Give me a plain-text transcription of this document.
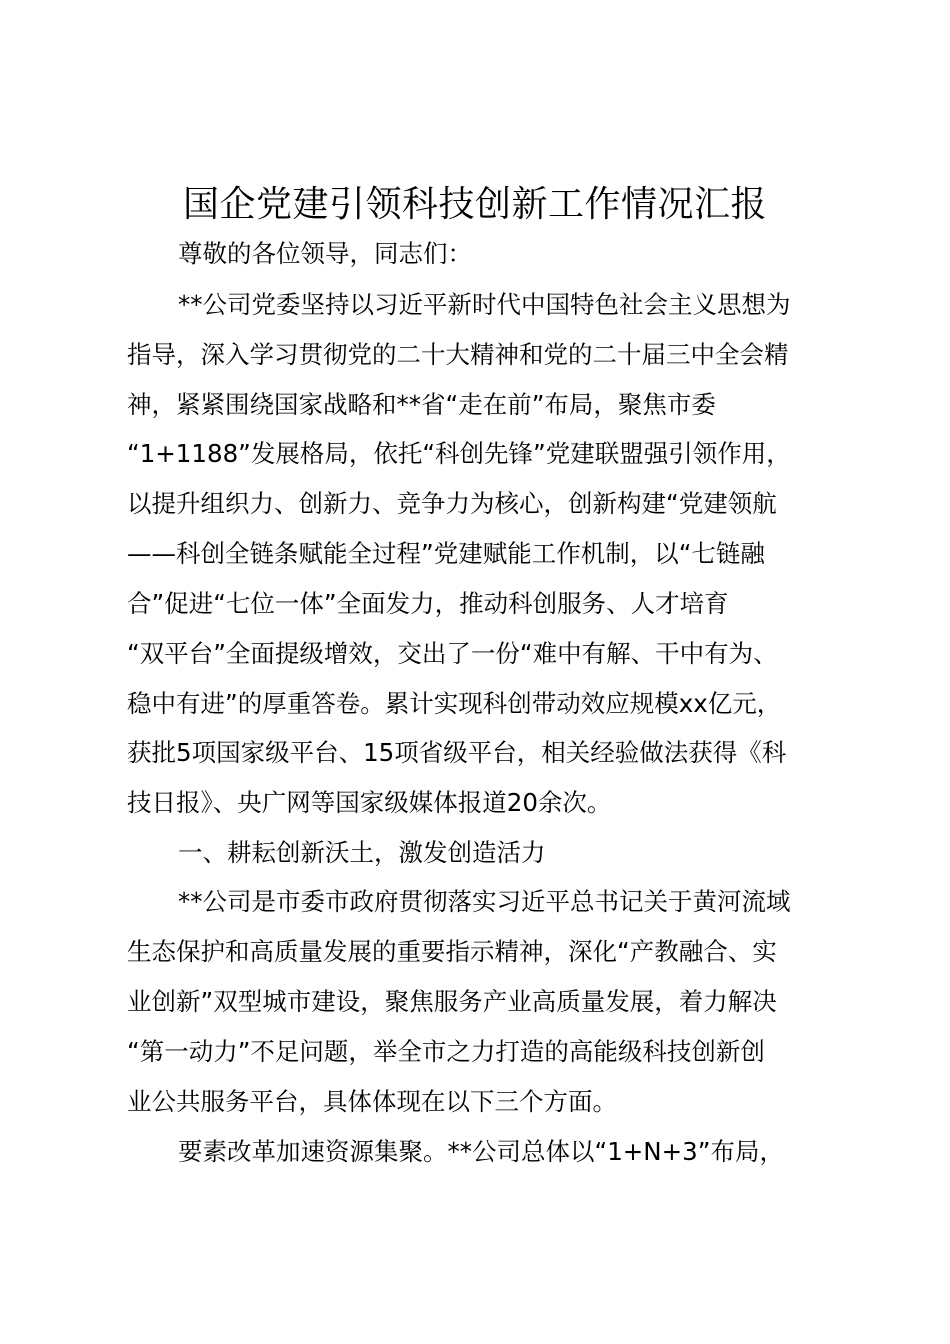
国企党建引领科技创新工作情况汇报
尊敬的各位领导，同志们：
**公司党委坚持以习近平新时代中国特色社会主义思想为
指导，深入学习贯彻党的二十大精神和党的二十届三中全会精
神，紧紧围绕国家战略和**省“走在前”布局，聚焦市委
“1+1188”发展格局，依托“科创先锋”党建联盟强引领作用，
以提升组织力、创新力、竞争力为核心，创新构建“党建领航
——科创全链条赋能全过程”党建赋能工作机制，以“七链融
合”促进“七位一体”全面发力，推动科创服务、人才培育
“双平台”全面提级增效，交出了一份“难中有解、干中有为、
稳中有进”的厚重答卷。累计实现科创带动效应规模xx亿元，
获批5项国家级平台、15项省级平台，相关经验做法获得《科
技日报》、央广网等国家级媒体报道20余次。
一、耕耘创新沃土，激发创造活力
**公司是市委市政府贯彻落实习近平总书记关于黄河流域
生态保护和高质量发展的重要指示精神，深化“产教融合、实
业创新”双型城市建设，聚焦服务产业高质量发展，着力解决
“第一动力”不足问题，举全市之力打造的高能级科技创新创
业公共服务平台，具体体现在以下三个方面。
要素改革加速资源集聚。**公司总体以“1+N+3”布局，
